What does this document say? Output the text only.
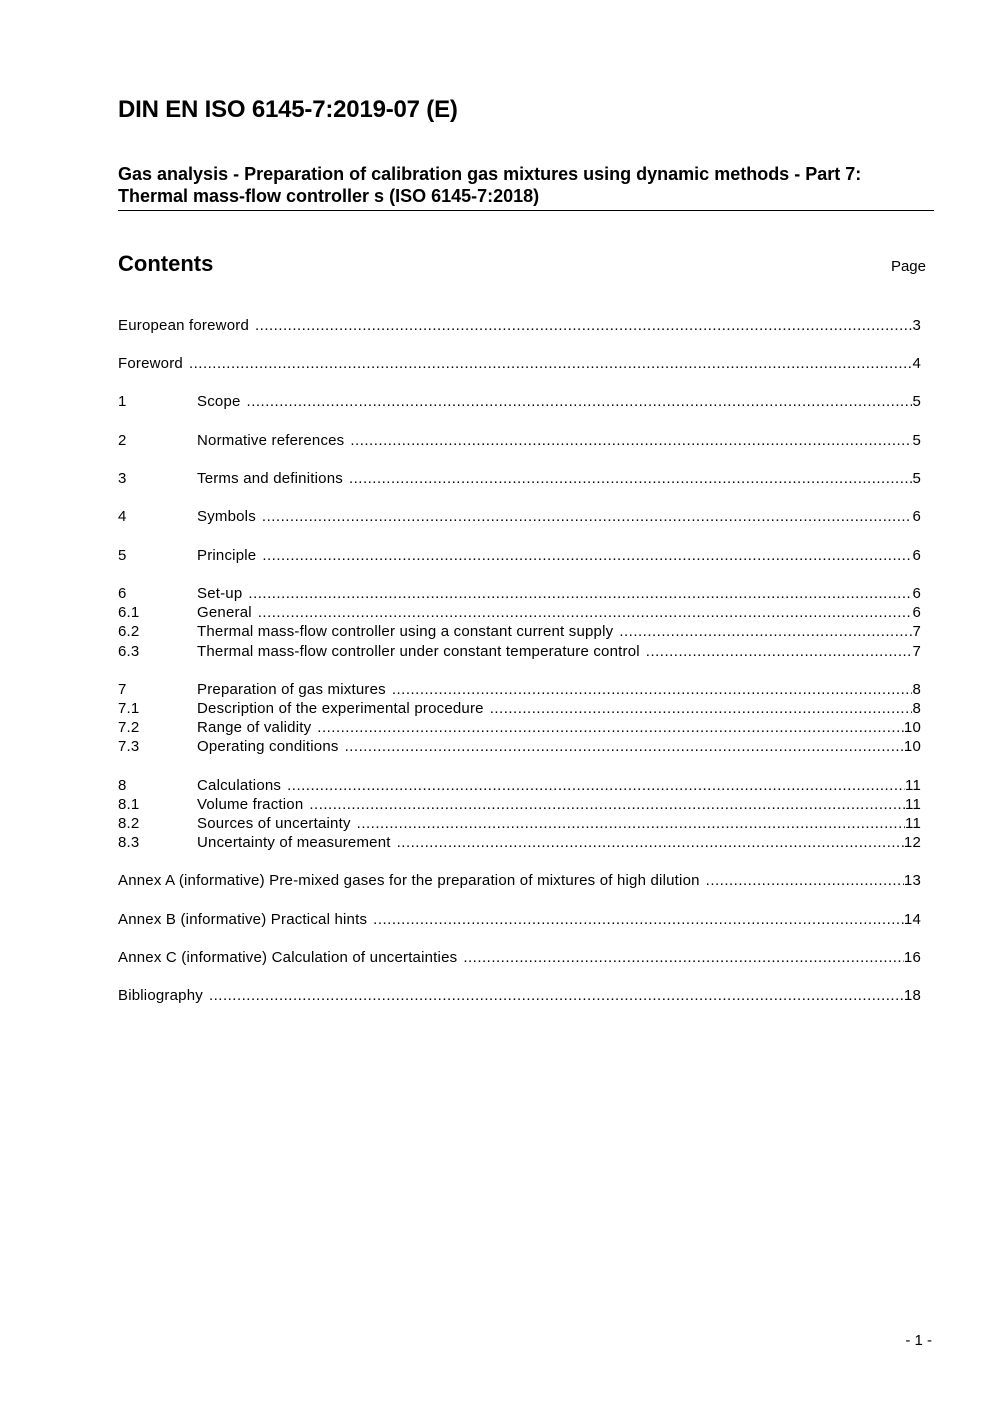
DIN EN ISO 6145-7:2019-07 (E)
Gas analysis - Preparation of calibration gas mixtures using dynamic methods - Part 7: Thermal mass-flow controller s (ISO 6145-7:2018)
Contents	Page
European foreword .....	3
Foreword .....	4
1	Scope .....	5
2	Normative references .....	5
3	Terms and definitions .....	5
4	Symbols .....	6
5	Principle .....	6
6	Set-up .....	6
6.1	General .....	6
6.2	Thermal mass-flow controller using a constant current supply .....	7
6.3	Thermal mass-flow controller under constant temperature control .....	7
7	Preparation of gas mixtures .....	8
7.1	Description of the experimental procedure .....	8
7.2	Range of validity .....	10
7.3	Operating conditions .....	10
8	Calculations .....	11
8.1	Volume fraction .....	11
8.2	Sources of uncertainty .....	11
8.3	Uncertainty of measurement .....	12
Annex A (informative) Pre-mixed gases for the preparation of mixtures of high dilution .....	13
Annex B (informative) Practical hints .....	14
Annex C (informative) Calculation of uncertainties .....	16
Bibliography .....	18
- 1 -
